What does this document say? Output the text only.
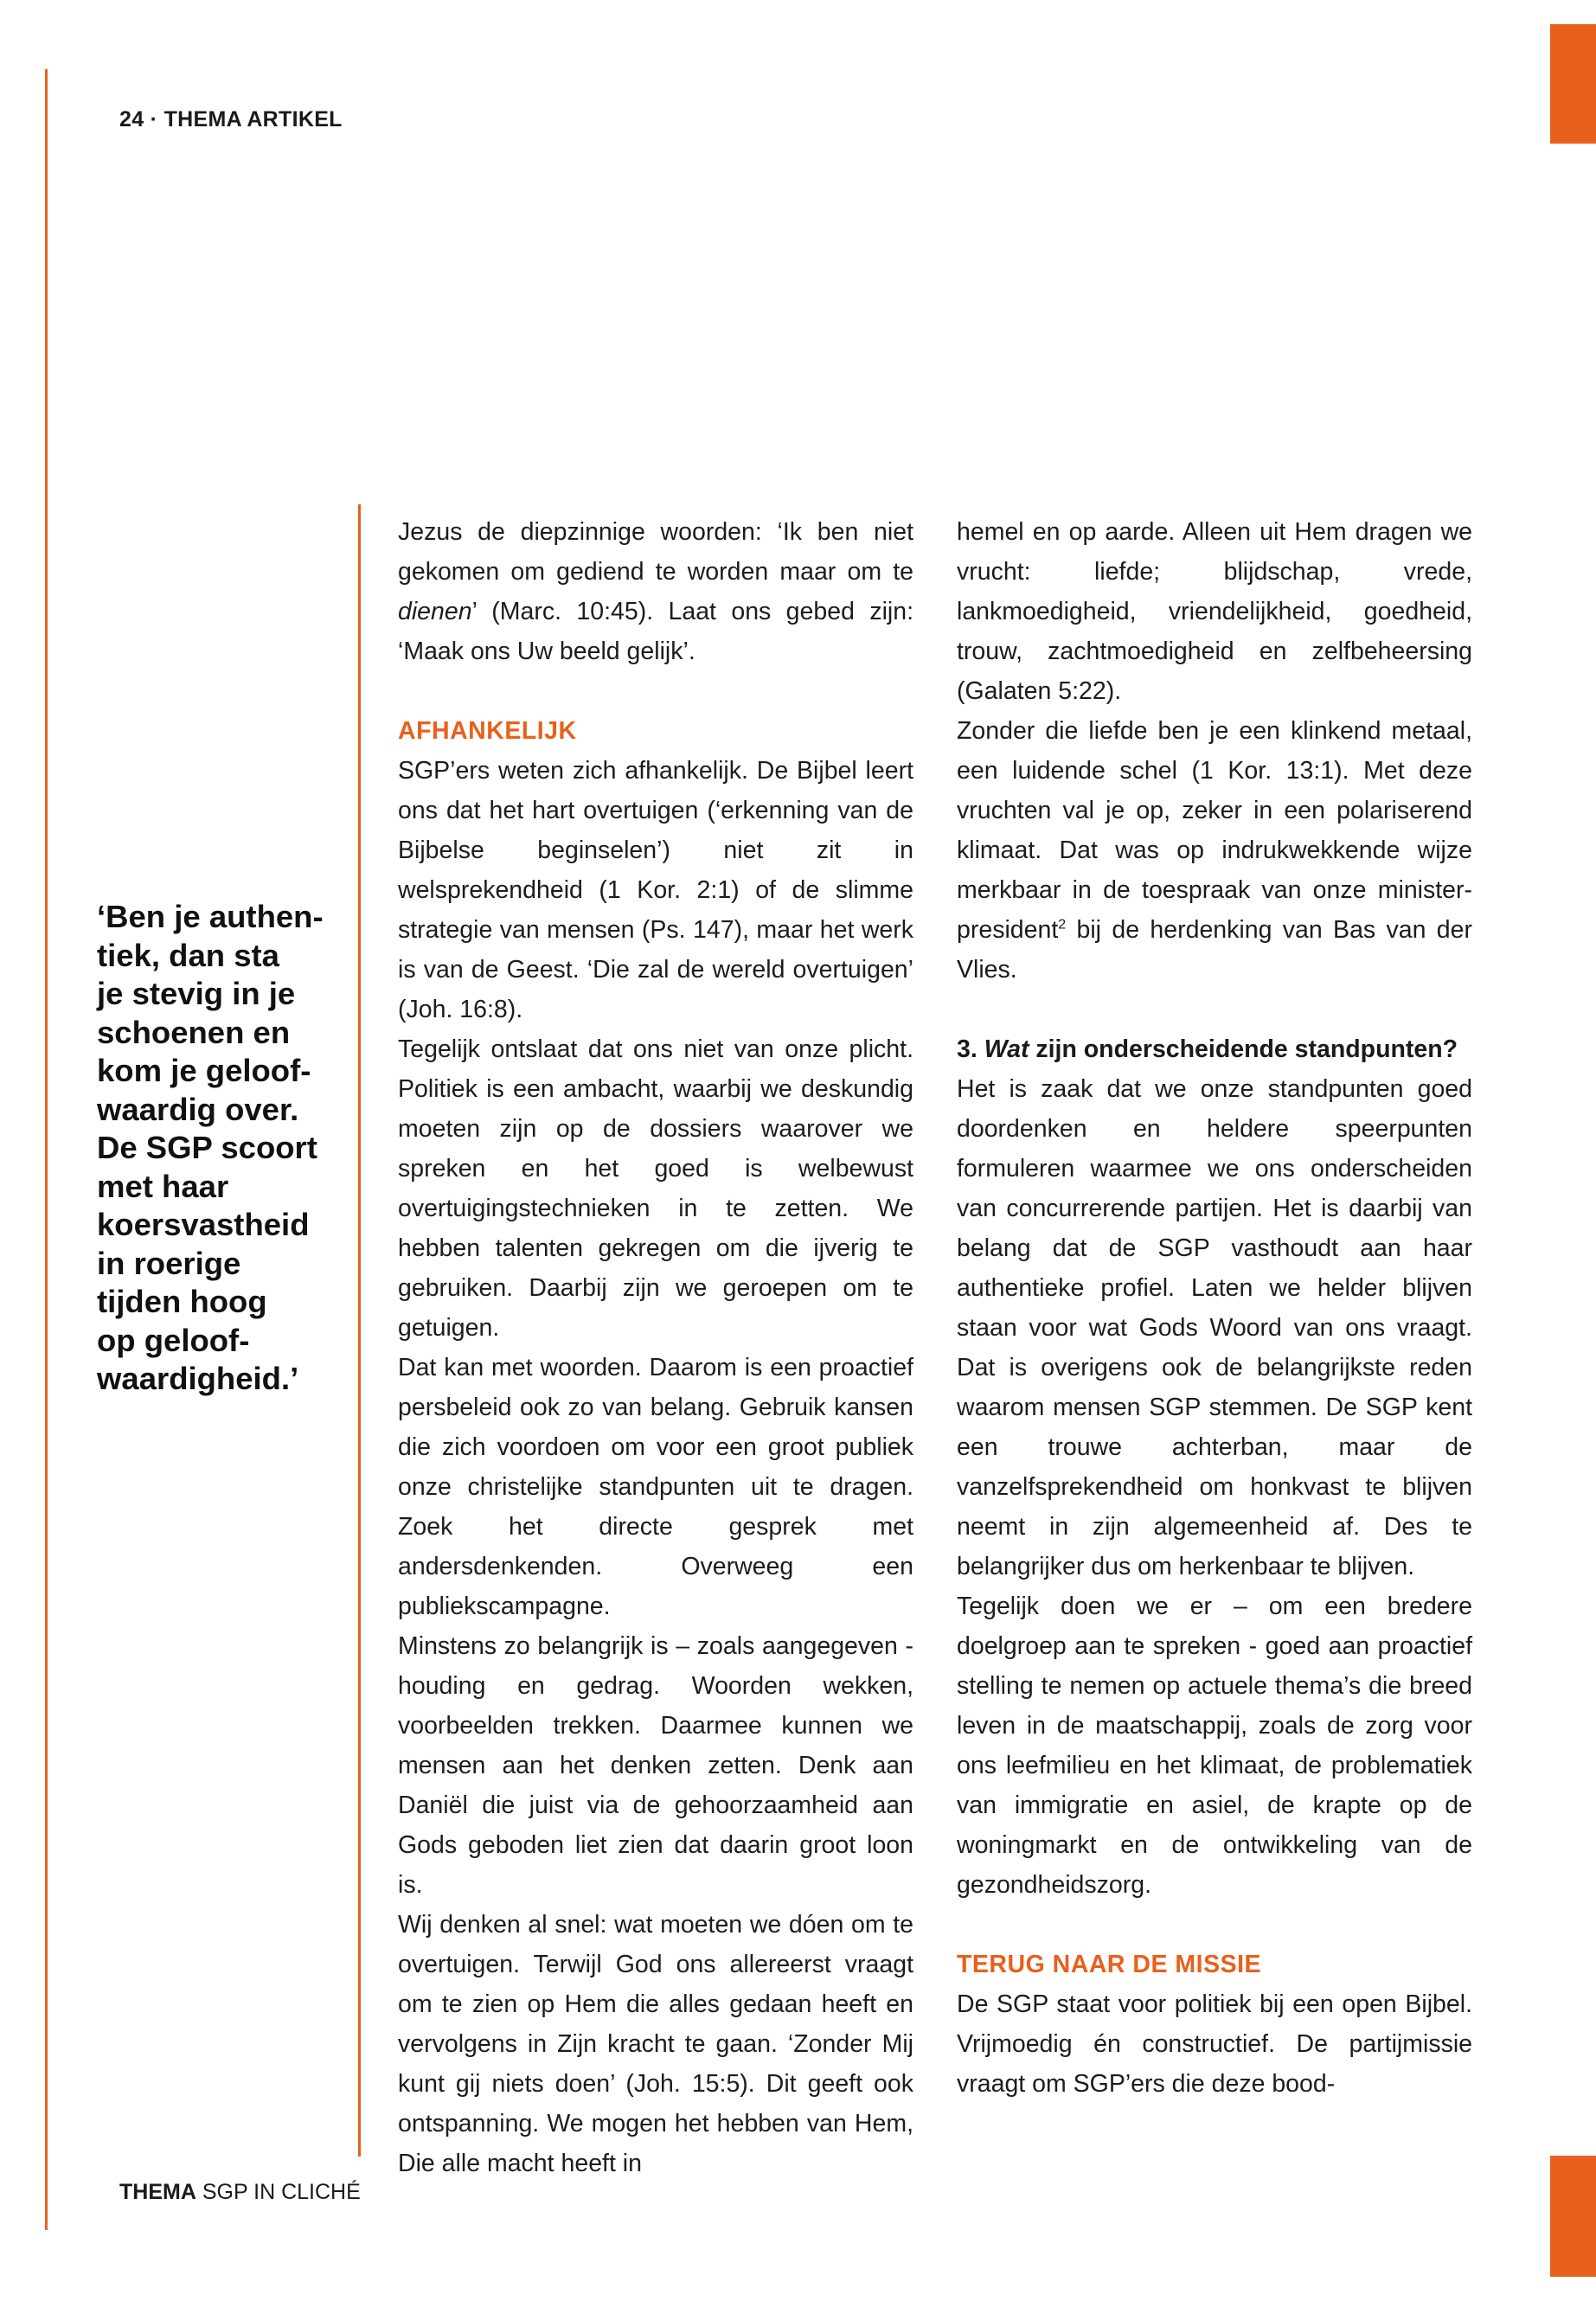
24 · THEMA ARTIKEL
‘Ben je authen-
tiek, dan sta
je stevig in je
schoenen en
kom je geloof-
waardig over.
De SGP scoort
met haar
koersvastheid
in roerige
tijden hoog
op geloof-
waardigheid.’

Jezus de diepzinnige woorden: ‘Ik ben niet gekomen om gediend te worden maar om te dienen’ (Marc. 10:45). Laat ons gebed zijn: ‘Maak ons Uw beeld gelijk’.

AFHANKELIJK

SGP’ers weten zich afhankelijk. De Bijbel leert ons dat het hart overtuigen (‘erkenning van de Bijbelse beginselen’) niet zit in welsprekendheid (1 Kor. 2:1) of de slimme strategie van mensen (Ps. 147), maar het werk is van de Geest. ‘Die zal de wereld overtuigen’ (Joh. 16:8).

Tegelijk ontslaat dat ons niet van onze plicht. Politiek is een ambacht, waarbij we deskundig moeten zijn op de dossiers waarover we spreken en het goed is welbewust overtuigingstechnieken in te zetten. We hebben talenten gekregen om die ijverig te gebruiken. Daarbij zijn we geroepen om te getuigen.

Dat kan met woorden. Daarom is een proactief persbeleid ook zo van belang. Gebruik kansen die zich voordoen om voor een groot publiek onze christelijke standpunten uit te dragen. Zoek het directe gesprek met andersdenkenden. Overweeg een publiekscampagne.

Minstens zo belangrijk is – zoals aangegeven - houding en gedrag. Woorden wekken, voorbeelden trekken. Daarmee kunnen we mensen aan het denken zetten. Denk aan Daniël die juist via de gehoorzaamheid aan Gods geboden liet zien dat daarin groot loon is.

Wij denken al snel: wat moeten we dóen om te overtuigen. Terwijl God ons allereerst vraagt om te zien op Hem die alles gedaan heeft en vervolgens in Zijn kracht te gaan. ‘Zonder Mij kunt gij niets doen’ (Joh. 15:5). Dit geeft ook ontspanning. We mogen het hebben van Hem, Die alle macht heeft in

hemel en op aarde. Alleen uit Hem dragen we vrucht: liefde; blijdschap, vrede, lankmoedigheid, vriendelijkheid, goedheid, trouw, zachtmoedigheid en zelfbeheersing (Galaten 5:22).

Zonder die liefde ben je een klinkend metaal, een luidende schel (1 Kor. 13:1). Met deze vruchten val je op, zeker in een polariserend klimaat. Dat was op indrukwekkende wijze merkbaar in de toespraak van onze minister-president$^2$ bij de herdenking van Bas van der Vlies.

3. Wat zijn onderscheidende standpunten?

Het is zaak dat we onze standpunten goed doordenken en heldere speerpunten formuleren waarmee we ons onderscheiden van concurrerende partijen. Het is daarbij van belang dat de SGP vasthoudt aan haar authentieke profiel. Laten we helder blijven staan voor wat Gods Woord van ons vraagt. Dat is overigens ook de belangrijkste reden waarom mensen SGP stemmen. De SGP kent een trouwe achterban, maar de vanzelfsprekendheid om honkvast te blijven neemt in zijn algemeenheid af. Des te belangrijker dus om herkenbaar te blijven.

Tegelijk doen we er – om een bredere doelgroep aan te spreken - goed aan proactief stelling te nemen op actuele thema’s die breed leven in de maatschappij, zoals de zorg voor ons leefmilieu en het klimaat, de problematiek van immigratie en asiel, de krapte op de woningmarkt en de ontwikkeling van de gezondheidszorg.

TERUG NAAR DE MISSIE

De SGP staat voor politiek bij een open Bijbel. Vrijmoedig én constructief. De partijmissie vraagt om SGP’ers die deze bood-

THEMA SGP IN CLICHÉ
